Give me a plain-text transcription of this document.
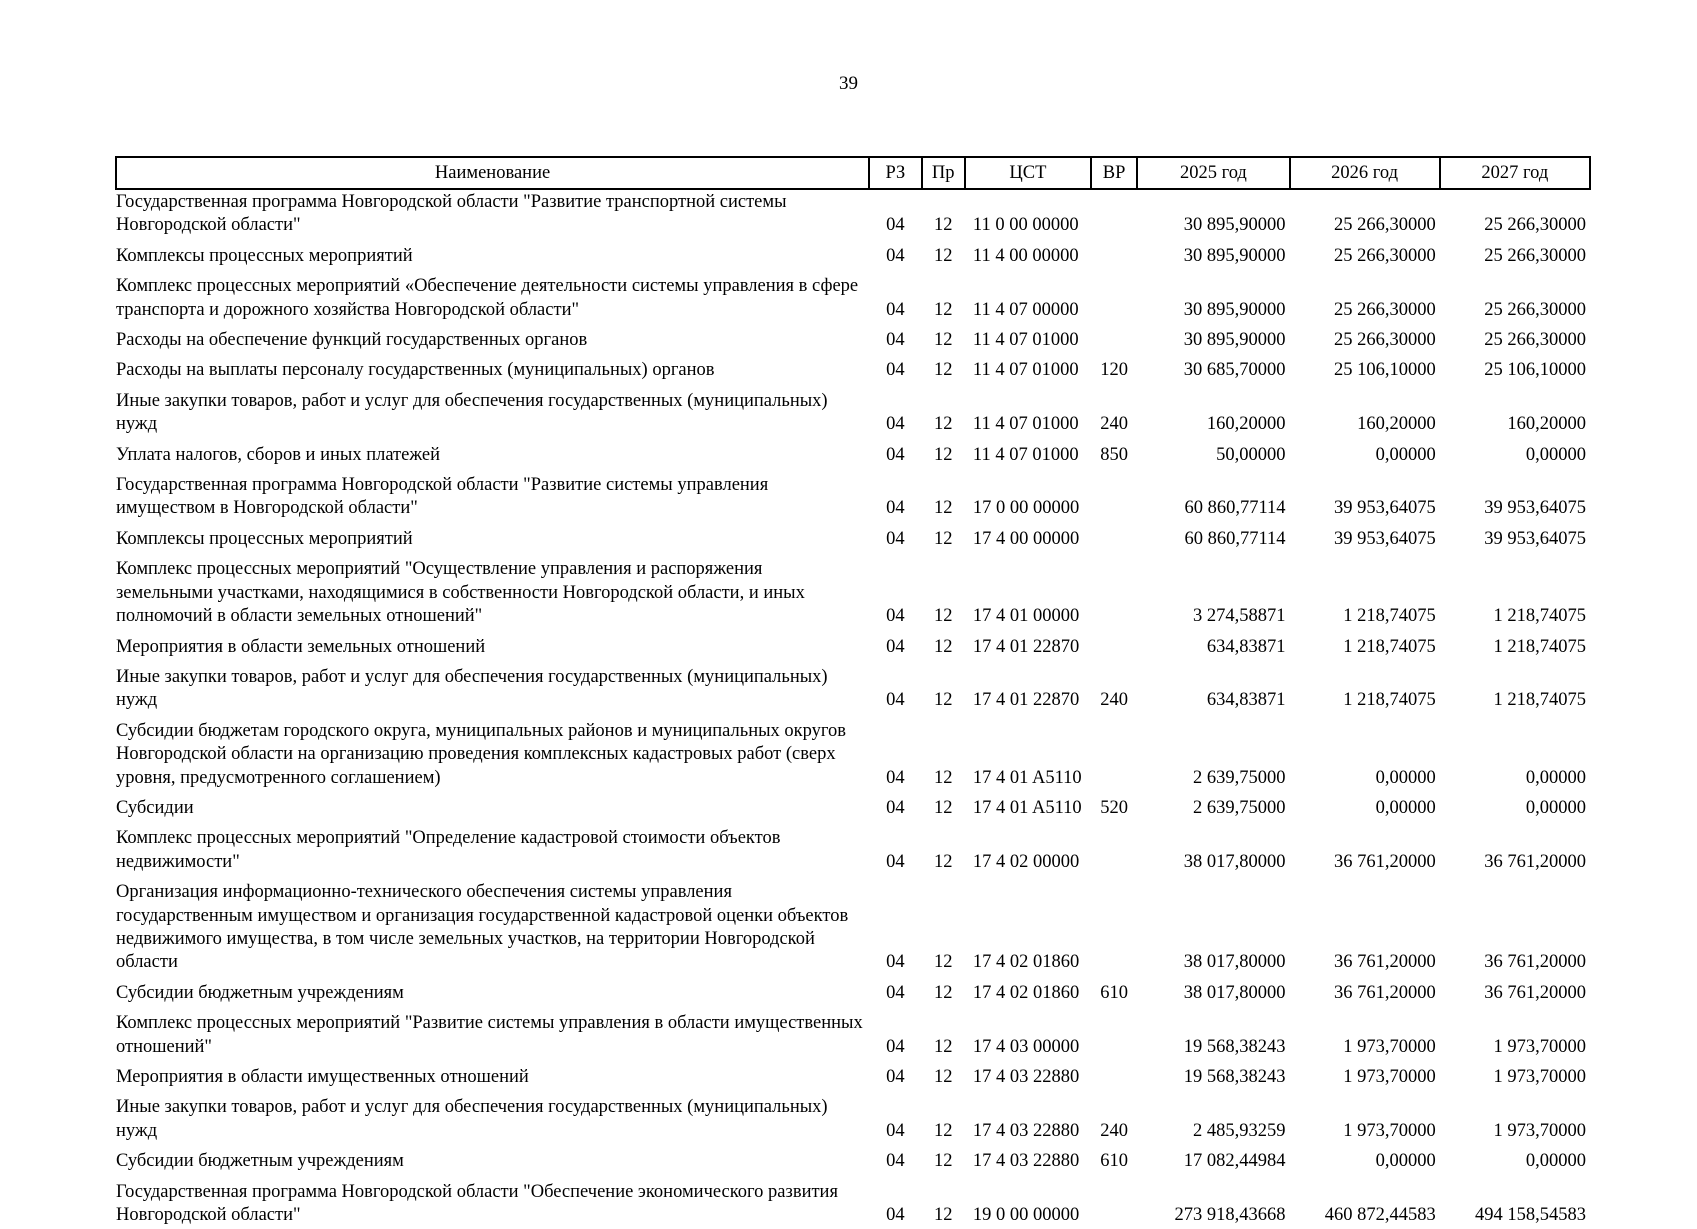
39
Наименование	РЗ	Пр	ЦСТ	ВР	2025 год	2026 год	2027 год
Государственная программа Новгородской области "Развитие транспортной системы Новгородской области"	04	12	11 0 00 00000		30 895,90000	25 266,30000	25 266,30000
Комплексы процессных мероприятий	04	12	11 4 00 00000		30 895,90000	25 266,30000	25 266,30000
Комплекс процессных мероприятий «Обеспечение деятельности системы управления в сфере транспорта и дорожного хозяйства Новгородской области"	04	12	11 4 07 00000		30 895,90000	25 266,30000	25 266,30000
Расходы на обеспечение функций государственных органов	04	12	11 4 07 01000		30 895,90000	25 266,30000	25 266,30000
Расходы на выплаты персоналу государственных (муниципальных) органов	04	12	11 4 07 01000	120	30 685,70000	25 106,10000	25 106,10000
Иные закупки товаров, работ и услуг для обеспечения государственных (муниципальных) нужд	04	12	11 4 07 01000	240	160,20000	160,20000	160,20000
Уплата налогов, сборов и иных платежей	04	12	11 4 07 01000	850	50,00000	0,00000	0,00000
Государственная программа Новгородской области "Развитие системы управления имуществом в Новгородской области"	04	12	17 0 00 00000		60 860,77114	39 953,64075	39 953,64075
Комплексы процессных мероприятий	04	12	17 4 00 00000		60 860,77114	39 953,64075	39 953,64075
Комплекс процессных мероприятий "Осуществление управления и распоряжения земельными участками, находящимися в собственности Новгородской области, и иных полномочий в области земельных отношений"	04	12	17 4 01 00000		3 274,58871	1 218,74075	1 218,74075
Мероприятия в области земельных отношений	04	12	17 4 01 22870		634,83871	1 218,74075	1 218,74075
Иные закупки товаров, работ и услуг для обеспечения государственных (муниципальных) нужд	04	12	17 4 01 22870	240	634,83871	1 218,74075	1 218,74075
Субсидии бюджетам городского округа, муниципальных районов и муниципальных округов Новгородской области на организацию проведения комплексных кадастровых работ (сверх уровня, предусмотренного соглашением)	04	12	17 4 01 A5110		2 639,75000	0,00000	0,00000
Субсидии	04	12	17 4 01 A5110	520	2 639,75000	0,00000	0,00000
Комплекс процессных мероприятий "Определение кадастровой стоимости объектов недвижимости"	04	12	17 4 02 00000		38 017,80000	36 761,20000	36 761,20000
Организация информационно-технического обеспечения системы управления государственным имуществом и организация государственной кадастровой оценки объектов недвижимого имущества, в том числе земельных участков, на территории Новгородской области	04	12	17 4 02 01860		38 017,80000	36 761,20000	36 761,20000
Субсидии бюджетным учреждениям	04	12	17 4 02 01860	610	38 017,80000	36 761,20000	36 761,20000
Комплекс процессных мероприятий "Развитие системы управления в области имущественных отношений"	04	12	17 4 03 00000		19 568,38243	1 973,70000	1 973,70000
Мероприятия в области имущественных отношений	04	12	17 4 03 22880		19 568,38243	1 973,70000	1 973,70000
Иные закупки товаров, работ и услуг для обеспечения государственных (муниципальных) нужд	04	12	17 4 03 22880	240	2 485,93259	1 973,70000	1 973,70000
Субсидии бюджетным учреждениям	04	12	17 4 03 22880	610	17 082,44984	0,00000	0,00000
Государственная программа Новгородской области "Обеспечение экономического развития Новгородской области"	04	12	19 0 00 00000		273 918,43668	460 872,44583	494 158,54583
